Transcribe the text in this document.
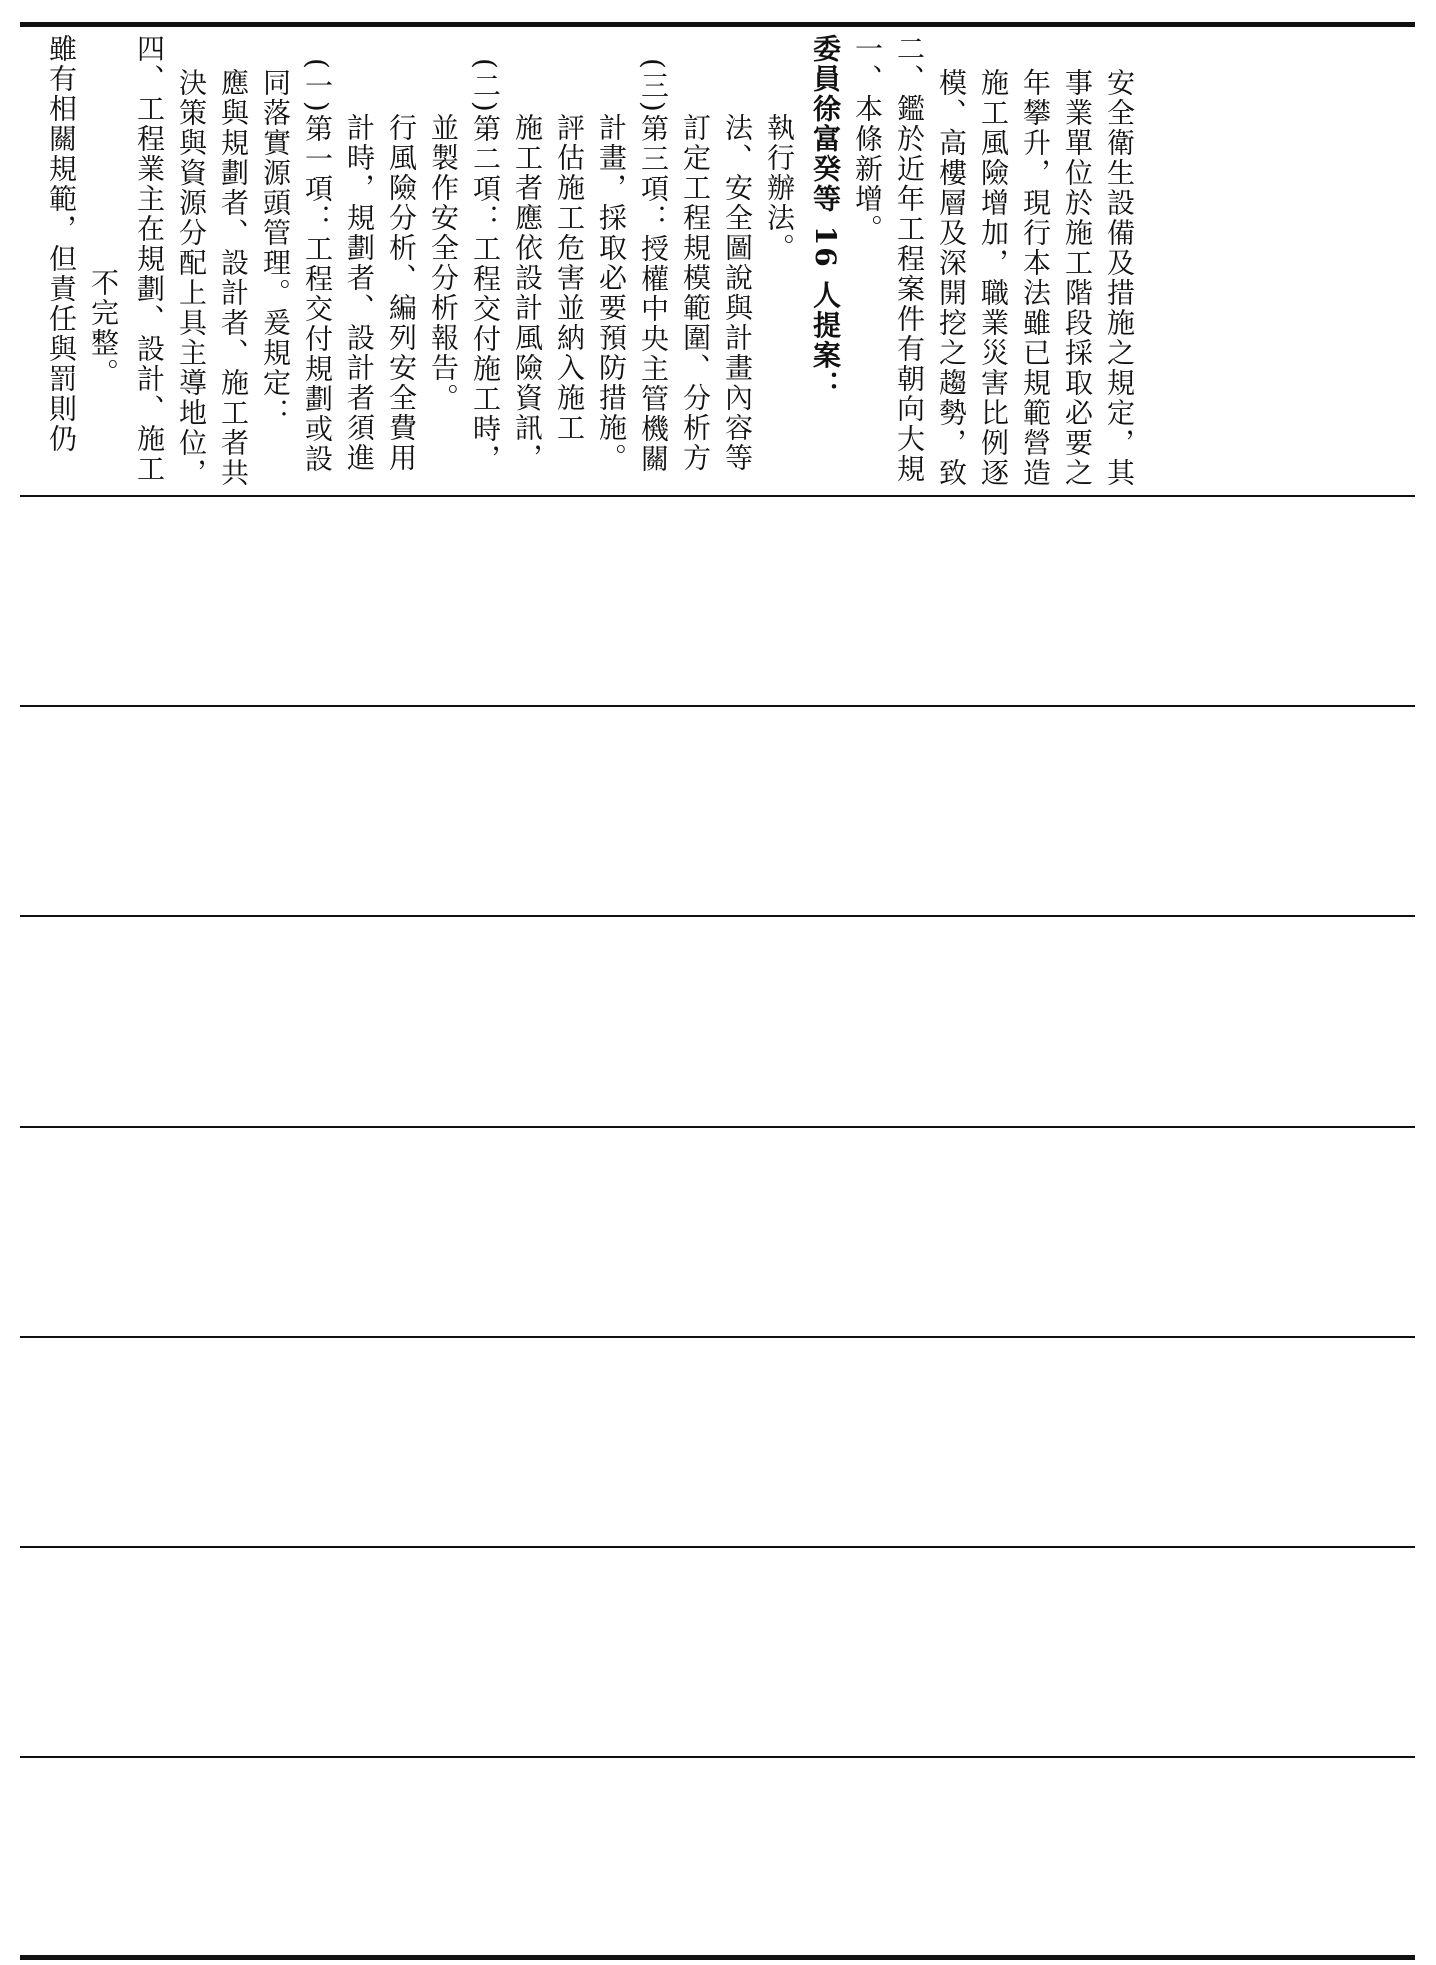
雖有相關規範，但責任與罰則仍 不完整。 四、工程業主在規劃、設計、施工 決策與資源分配上具主導地位， 應與規劃者、設計者、施工者共 同落實源頭管理。爰規定： (一)第一項：工程交付規劃或設 計時，規劃者、設計者須進 行風險分析、編列安全費用 並製作安全分析報告。 (二)第二項：工程交付施工時， 施工者應依設計風險資訊， 評估施工危害並納入施工 計畫，採取必要預防措施。 (三)第三項：授權中央主管機關 訂定工程規模範圍、分析方 法、安全圖說與計畫內容等 執行辦法。 委員徐富癸等 16 人提案： 一、本條新增。 二、鑑於近年工程案件有朝向大規 模、高樓層及深開挖之趨勢，致 施工風險增加，職業災害比例逐 年攀升，現行本法雖已規範營造 事業單位於施工階段採取必要之 安全衛生設備及措施之規定，其
